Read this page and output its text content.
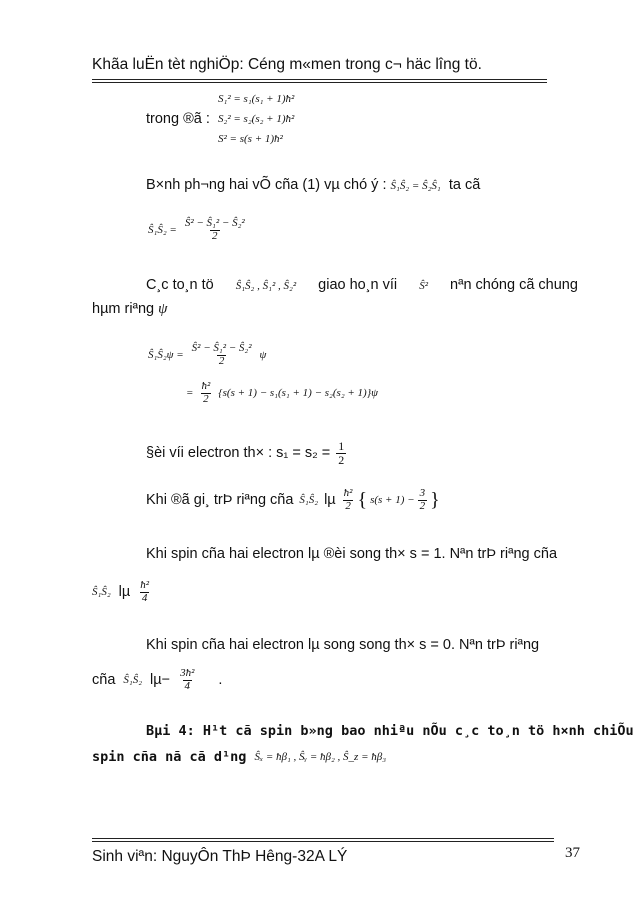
Khãa luËn tèt nghiÖp: Céng m«men trong c¬ häc lîng tö.
S₁² = s₁(s₁ + 1)ħ²
trong ®ã : S₂² = s₂(s₂ + 1)ħ²
S² = s(s + 1)ħ²
B×nh ph¬ng hai vÕ cña (1) vµ chó ý : Ŝ₁Ŝ₂ = Ŝ₂Ŝ₁ ta cã
Ŝ₁Ŝ₂ = $\frac{\text{Ŝ² − Ŝ₁² − Ŝ₂²}}{2}$
C¸c to¸n tö Ŝ₁Ŝ₂ , Ŝ₁² , Ŝ₂² giao ho¸n víi Ŝ² nªn chóng cã chung
hµm riªng ψ
Ŝ₁Ŝ₂ψ = $\frac{\text{Ŝ² − Ŝ₁² − Ŝ₂²}}{2}$ ψ
= $\frac{\text{ħ²}}{2} \{s(s + 1) - s_1(s_1 + 1) - s_2(s_2 + 1)\}\psi$
§èi víi electron th× : $s_1 = s_2 = \frac{1}{2}$
Khi ®ã gi¸ trÞ riªng cña Ŝ₁Ŝ₂ lµ $\frac{\text{ħ²}}{2}$ { $s(s + 1) - \frac{3}{2}$ }
Khi spin cña hai electron lµ ®èi song th× s = 1. Nªn trÞ riªng cña
Ŝ₁Ŝ₂ lµ $\frac{\text{ħ²}}{4}$
Khi spin cña hai electron lµ song song th× s = 0. Nªn trÞ riªng
cña Ŝ₁Ŝ₂ $l\mu- \frac{\text{3ħ²}}{4}$ .
Bµi 4: H¹t cã spin b»ng bao nhiªu nÕu c¸c to¸n tö h×nh chiÕu
spin cña nã cã d¹ng Ŝₓ = ħβ₁ , Ŝᵧ = ħβ₂ , Ŝ_z = ħβ₃
Sinh viªn: NguyÔn ThÞ Hêng-32A LÝ	37
